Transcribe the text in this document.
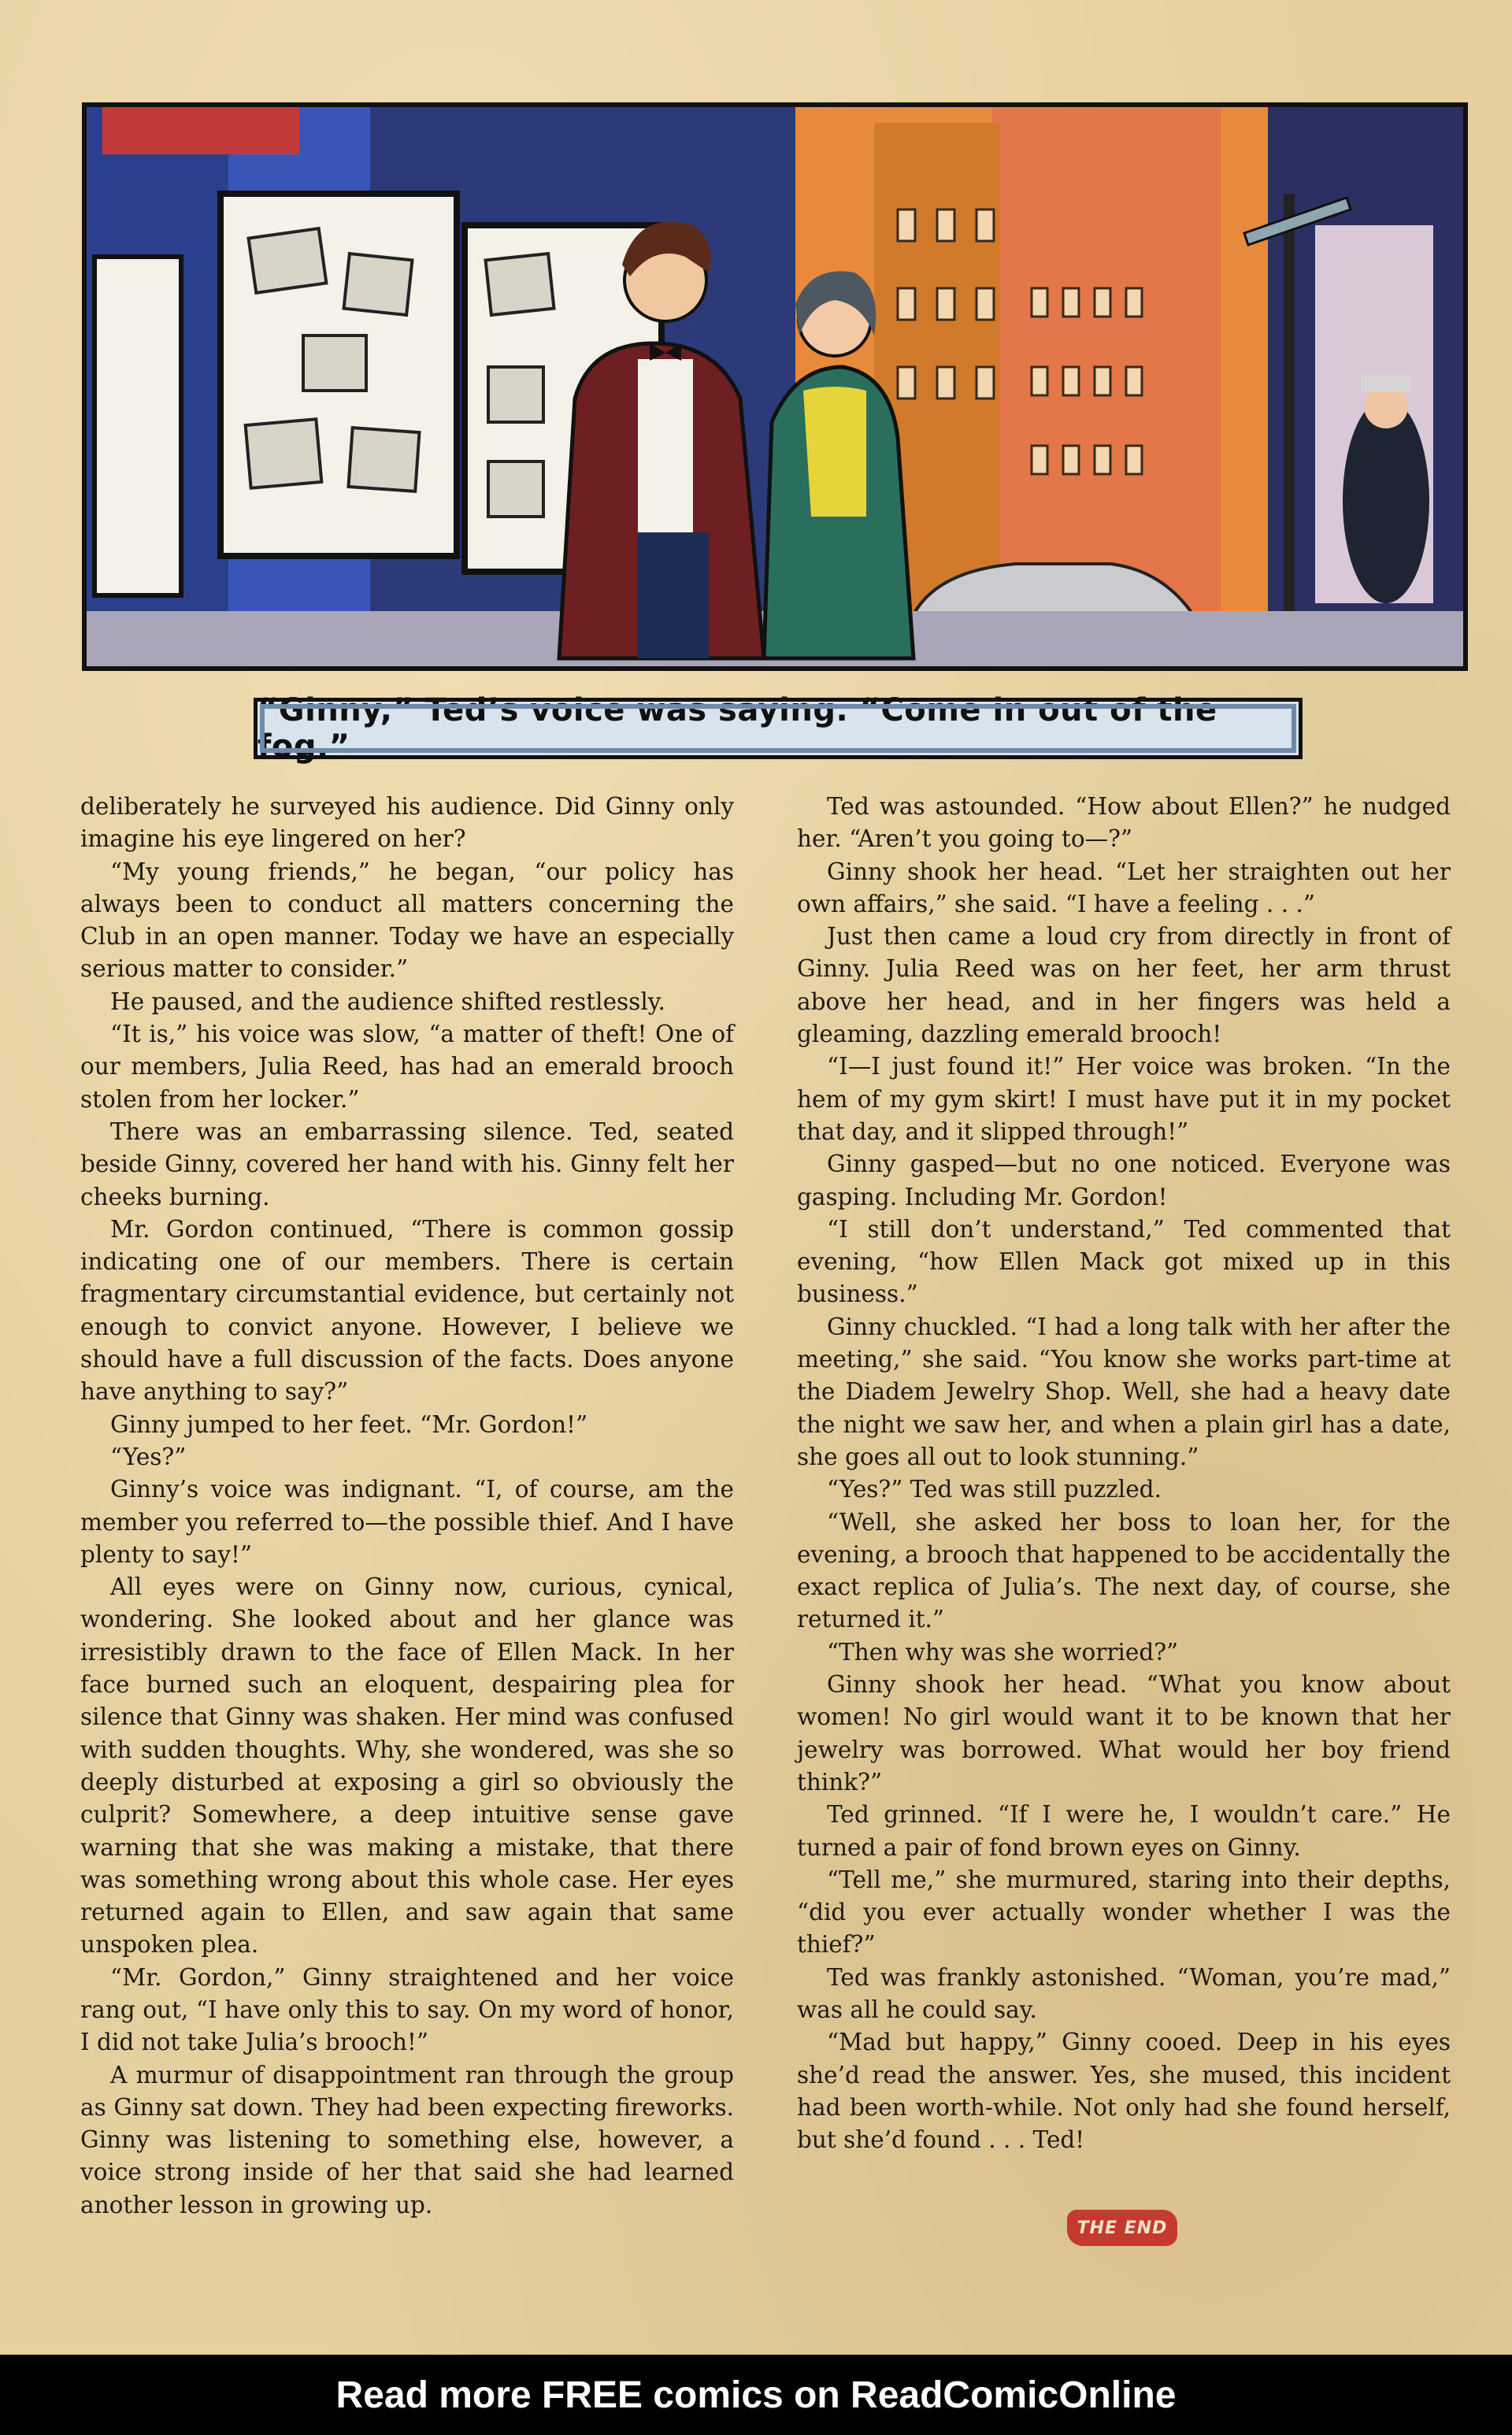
“Ginny,” Ted’s voice was saying. “Come in out of the fog.”

deliberately he surveyed his audience. Did Ginny only imagine his eye lingered on her?

“My young friends,” he began, “our policy has always been to conduct all matters concerning the Club in an open manner. Today we have an especially serious matter to consider.”

He paused, and the audience shifted restlessly.

“It is,” his voice was slow, “a matter of theft! One of our members, Julia Reed, has had an emerald brooch stolen from her locker.”

There was an embarrassing silence. Ted, seated beside Ginny, covered her hand with his. Ginny felt her cheeks burning.

Mr. Gordon continued, “There is common gossip indicating one of our members. There is certain fragmentary circumstantial evidence, but certainly not enough to convict anyone. However, I believe we should have a full discussion of the facts. Does anyone have anything to say?”

Ginny jumped to her feet. “Mr. Gordon!”

“Yes?”

Ginny’s voice was indignant. “I, of course, am the member you referred to—the possible thief. And I have plenty to say!”

All eyes were on Ginny now, curious, cynical, wondering. She looked about and her glance was irresistibly drawn to the face of Ellen Mack. In her face burned such an eloquent, despairing plea for silence that Ginny was shaken. Her mind was confused with sudden thoughts. Why, she wondered, was she so deeply disturbed at exposing a girl so obviously the culprit? Somewhere, a deep intuitive sense gave warning that she was making a mistake, that there was something wrong about this whole case. Her eyes returned again to Ellen, and saw again that same unspoken plea.

“Mr. Gordon,” Ginny straightened and her voice rang out, “I have only this to say. On my word of honor, I did not take Julia’s brooch!”

A murmur of disappointment ran through the group as Ginny sat down. They had been expecting fireworks. Ginny was listening to something else, however, a voice strong inside of her that said she had learned another lesson in growing up.

Ted was astounded. “How about Ellen?” he nudged her. “Aren’t you going to—?”

Ginny shook her head. “Let her straighten out her own affairs,” she said. “I have a feeling . . .”

Just then came a loud cry from directly in front of Ginny. Julia Reed was on her feet, her arm thrust above her head, and in her fingers was held a gleaming, dazzling emerald brooch!

“I—I just found it!” Her voice was broken. “In the hem of my gym skirt! I must have put it in my pocket that day, and it slipped through!”

Ginny gasped—but no one noticed. Everyone was gasping. Including Mr. Gordon!

“I still don’t understand,” Ted commented that evening, “how Ellen Mack got mixed up in this business.”

Ginny chuckled. “I had a long talk with her after the meeting,” she said. “You know she works part-time at the Diadem Jewelry Shop. Well, she had a heavy date the night we saw her, and when a plain girl has a date, she goes all out to look stunning.”

“Yes?” Ted was still puzzled.

“Well, she asked her boss to loan her, for the evening, a brooch that happened to be accidentally the exact replica of Julia’s. The next day, of course, she returned it.”

“Then why was she worried?”

Ginny shook her head. “What you know about women! No girl would want it to be known that her jewelry was borrowed. What would her boy friend think?”

Ted grinned. “If I were he, I wouldn’t care.” He turned a pair of fond brown eyes on Ginny.

“Tell me,” she murmured, staring into their depths, “did you ever actually wonder whether I was the thief?”

Ted was frankly astonished. “Woman, you’re mad,” was all he could say.

“Mad but happy,” Ginny cooed. Deep in his eyes she’d read the answer. Yes, she mused, this incident had been worth-while. Not only had she found herself, but she’d found . . . Ted!

THE END
Read more FREE comics on ReadComicOnline
